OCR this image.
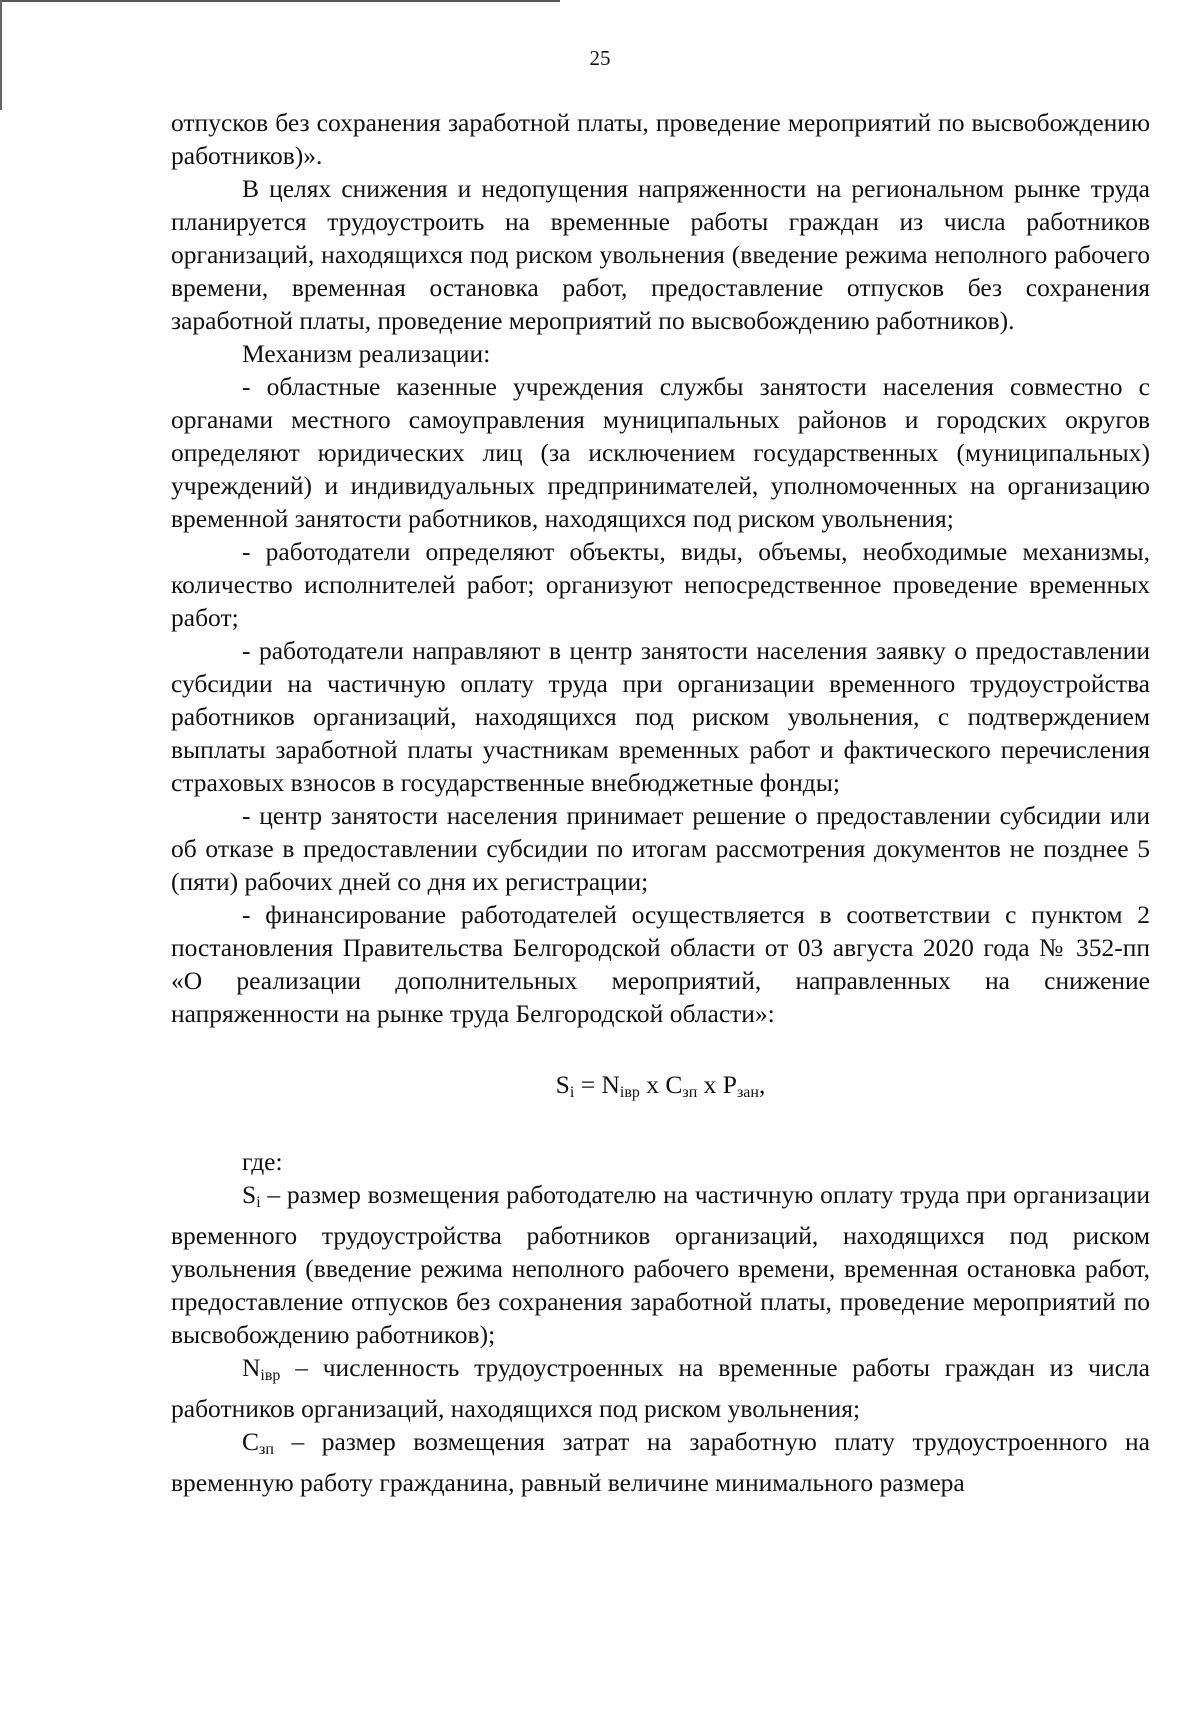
25

отпусков без сохранения заработной платы, проведение мероприятий по высвобождению работников)».

В целях снижения и недопущения напряженности на региональном рынке труда планируется трудоустроить на временные работы граждан из числа работников организаций, находящихся под риском увольнения (введение режима неполного рабочего времени, временная остановка работ, предоставление отпусков без сохранения заработной платы, проведение мероприятий по высвобождению работников).

Механизм реализации:

- областные казенные учреждения службы занятости населения совместно с органами местного самоуправления муниципальных районов и городских округов определяют юридических лиц (за исключением государственных (муниципальных) учреждений) и индивидуальных предпринимателей, уполномоченных на организацию временной занятости работников, находящихся под риском увольнения;

- работодатели определяют объекты, виды, объемы, необходимые механизмы, количество исполнителей работ; организуют непосредственное проведение временных работ;

- работодатели направляют в центр занятости населения заявку о предоставлении субсидии на частичную оплату труда при организации временного трудоустройства работников организаций, находящихся под риском увольнения, с подтверждением выплаты заработной платы участникам временных работ и фактического перечисления страховых взносов в государственные внебюджетные фонды;

- центр занятости населения принимает решение о предоставлении субсидии или об отказе в предоставлении субсидии по итогам рассмотрения документов не позднее 5 (пяти) рабочих дней со дня их регистрации;

- финансирование работодателей осуществляется в соответствии с пунктом 2 постановления Правительства Белгородской области от 03 августа 2020 года № 352-пп «О реализации дополнительных мероприятий, направленных на снижение напряженности на рынке труда Белгородской области»:

$S_i = N_{iвр}$ x $C_{зп}$ x $P_{зан}$,

где:

$S_i$ – размер возмещения работодателю на частичную оплату труда при организации временного трудоустройства работников организаций, находящихся под риском увольнения (введение режима неполного рабочего времени, временная остановка работ, предоставление отпусков без сохранения заработной платы, проведение мероприятий по высвобождению работников);

$N_{iвр}$ – численность трудоустроенных на временные работы граждан из числа работников организаций, находящихся под риском увольнения;

$C_{зп}$ – размер возмещения затрат на заработную плату трудоустроенного на временную работу гражданина, равный величине минимального размера
